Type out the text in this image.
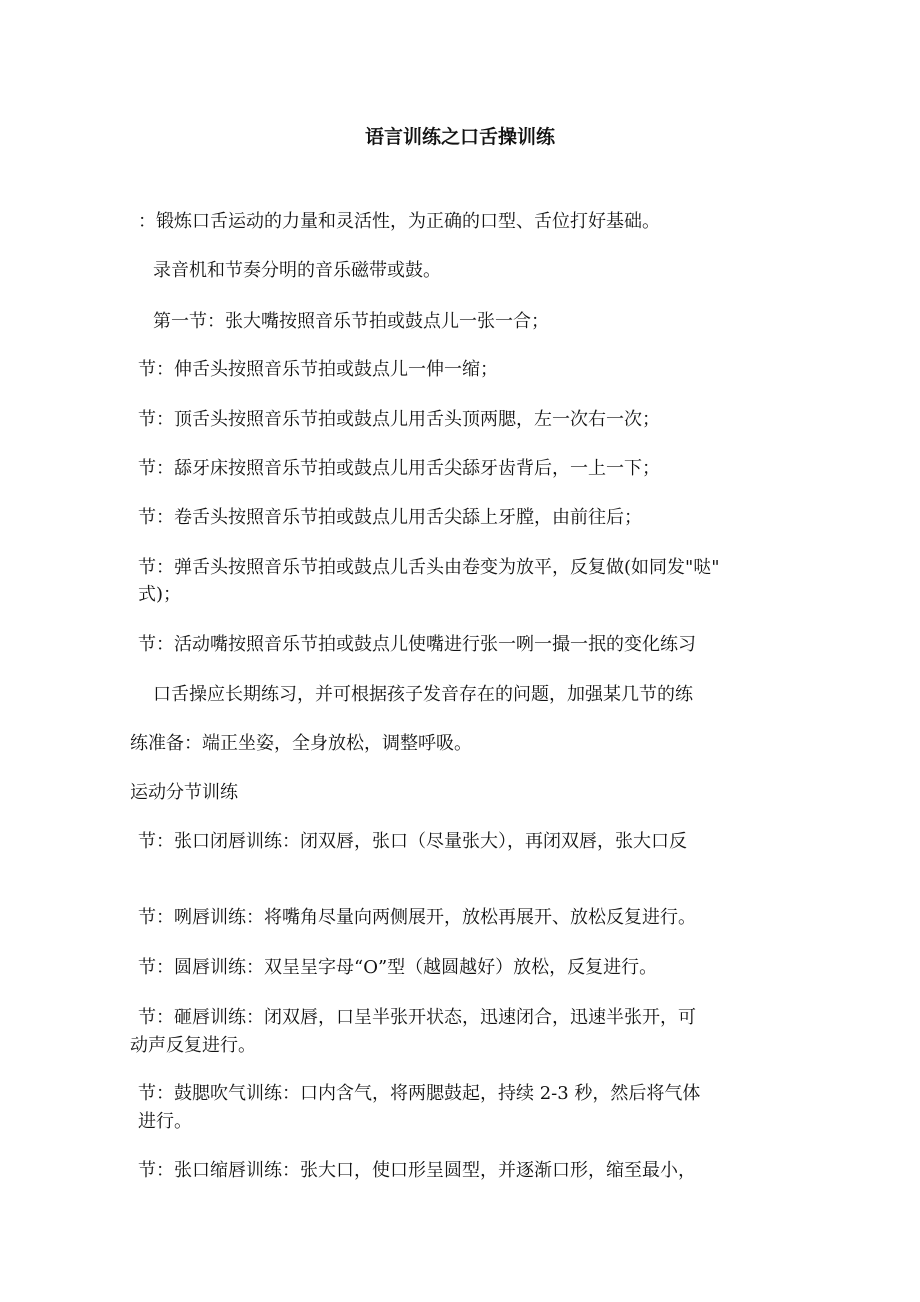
语言训练之口舌操训练
：锻炼口舌运动的力量和灵活性，为正确的口型、舌位打好基础。
录音机和节奏分明的音乐磁带或鼓。
第一节：张大嘴按照音乐节拍或鼓点儿一张一合；
节：伸舌头按照音乐节拍或鼓点儿一伸一缩；
节：顶舌头按照音乐节拍或鼓点儿用舌头顶两腮，左一次右一次；
节：舔牙床按照音乐节拍或鼓点儿用舌尖舔牙齿背后，一上一下；
节：卷舌头按照音乐节拍或鼓点儿用舌尖舔上牙膛，由前往后；
节：弹舌头按照音乐节拍或鼓点儿舌头由卷变为放平，反复做(如同发"哒"
式)；
节：活动嘴按照音乐节拍或鼓点儿使嘴进行张一咧一撮一抿的变化练习
口舌操应长期练习，并可根据孩子发音存在的问题，加强某几节的练
练准备：端正坐姿，全身放松，调整呼吸。
运动分节训练
节：张口闭唇训练：闭双唇，张口（尽量张大），再闭双唇，张大口反
节：咧唇训练：将嘴角尽量向两侧展开，放松再展开、放松反复进行。
节：圆唇训练：双呈呈字母“O”型（越圆越好）放松，反复进行。
节：砸唇训练：闭双唇，口呈半张开状态，迅速闭合，迅速半张开，可
动声反复进行。
节：鼓腮吹气训练：口内含气，将两腮鼓起，持续 2-3 秒，然后将气体
进行。
节：张口缩唇训练：张大口，使口形呈圆型，并逐渐口形，缩至最小，
